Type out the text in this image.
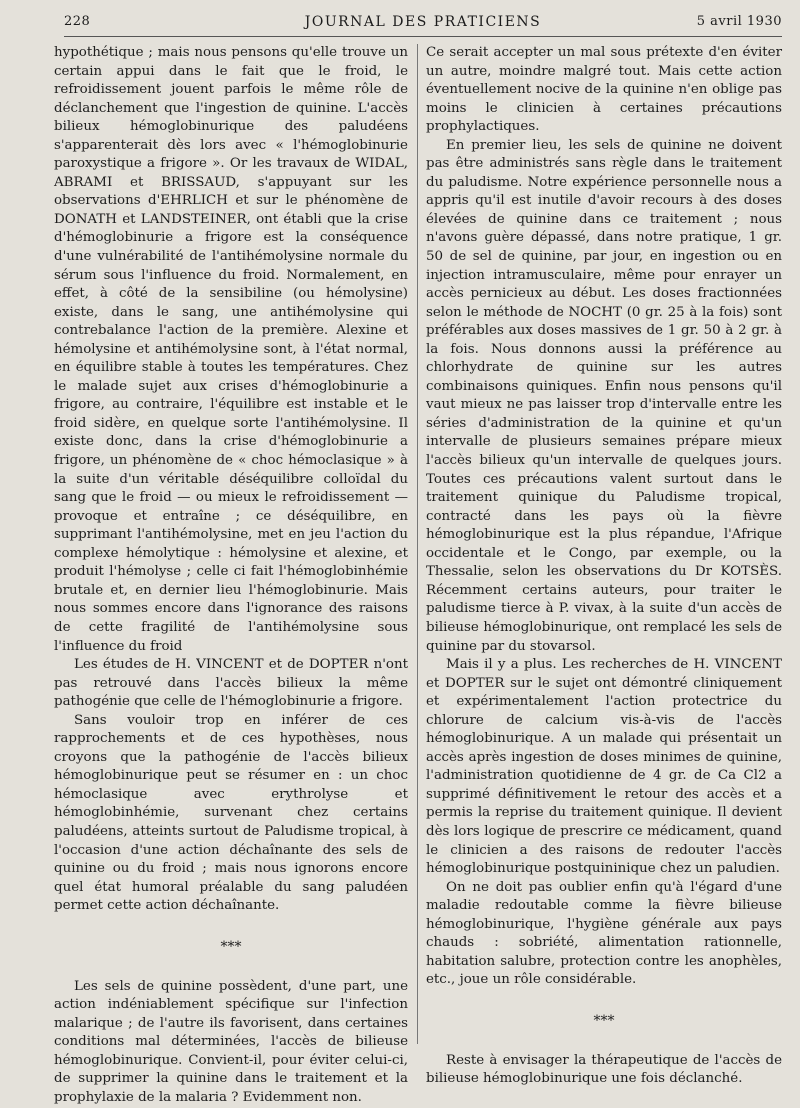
228	JOURNAL DES PRATICIENS	5 avril 1930

hypothétique ; mais nous pensons qu'elle trouve un certain appui dans le fait que le froid, le refroidissement jouent parfois le même rôle de déclanchement que l'ingestion de quinine. L'accès bilieux hémoglobinurique des paludéens s'apparenterait dès lors avec « l'hémoglobinurie paroxystique a frigore ». Or les travaux de WIDAL, ABRAMI et BRISSAUD, s'appuyant sur les observations d'EHRLICH et sur le phénomène de DONATH et LANDSTEINER, ont établi que la crise d'hémoglobinurie a frigore est la conséquence d'une vulnérabilité de l'antihémolysine normale du sérum sous l'influence du froid. Normalement, en effet, à côté de la sensibiline (ou hémolysine) existe, dans le sang, une antihémolysine qui contrebalance l'action de la première. Alexine et hémolysine et antihémolysine sont, à l'état normal, en équilibre stable à toutes les températures. Chez le malade sujet aux crises d'hémoglobinurie a frigore, au contraire, l'équilibre est instable et le froid sidère, en quelque sorte l'antihémolysine. Il existe donc, dans la crise d'hémoglobinurie a frigore, un phénomène de « choc hémoclasique » à la suite d'un véritable déséquilibre colloïdal du sang que le froid — ou mieux le refroidissement — provoque et entraîne ; ce déséquilibre, en supprimant l'antihémolysine, met en jeu l'action du complexe hémolytique : hémolysine et alexine, et produit l'hémolyse ; celle ci fait l'hémoglobinhémie brutale et, en dernier lieu l'hémoglobinurie. Mais nous sommes encore dans l'ignorance des raisons de cette fragilité de l'antihémolysine sous l'influence du froid

Les études de H. VINCENT et de DOPTER n'ont pas retrouvé dans l'accès bilieux la même pathogénie que celle de l'hémoglobinurie a frigore.

Sans vouloir trop en inférer de ces rapprochements et de ces hypothèses, nous croyons que la pathogénie de l'accès bilieux hémoglobinurique peut se résumer en : un choc hémoclasique avec erythrolyse et hémoglobinhémie, survenant chez certains paludéens, atteints surtout de Paludisme tropical, à l'occasion d'une action déchaînante des sels de quinine ou du froid ; mais nous ignorons encore quel état humoral préalable du sang paludéen permet cette action déchaînante.

***

Les sels de quinine possèdent, d'une part, une action indéniablement spécifique sur l'infection malarique ; de l'autre ils favorisent, dans certaines conditions mal déterminées, l'accès de bilieuse hémoglobinurique. Convient-il, pour éviter celui-ci, de supprimer la quinine dans le traitement et la prophylaxie de la malaria ? Evidemment non.

Ce serait accepter un mal sous prétexte d'en éviter un autre, moindre malgré tout. Mais cette action éventuellement nocive de la quinine n'en oblige pas moins le clinicien à certaines précautions prophylactiques.

En premier lieu, les sels de quinine ne doivent pas être administrés sans règle dans le traitement du paludisme. Notre expérience personnelle nous a appris qu'il est inutile d'avoir recours à des doses élevées de quinine dans ce traitement ; nous n'avons guère dépassé, dans notre pratique, 1 gr. 50 de sel de quinine, par jour, en ingestion ou en injection intramusculaire, même pour enrayer un accès pernicieux au début. Les doses fractionnées selon le méthode de NOCHT (0 gr. 25 à la fois) sont préférables aux doses massives de 1 gr. 50 à 2 gr. à la fois. Nous donnons aussi la préférence au chlorhydrate de quinine sur les autres combinaisons quiniques. Enfin nous pensons qu'il vaut mieux ne pas laisser trop d'intervalle entre les séries d'administration de la quinine et qu'un intervalle de plusieurs semaines prépare mieux l'accès bilieux qu'un intervalle de quelques jours. Toutes ces précautions valent surtout dans le traitement quinique du Paludisme tropical, contracté dans les pays où la fièvre hémoglobinurique est la plus répandue, l'Afrique occidentale et le Congo, par exemple, ou la Thessalie, selon les observations du Dr KOTSÈS. Récemment certains auteurs, pour traiter le paludisme tierce à P. vivax, à la suite d'un accès de bilieuse hémoglobinurique, ont remplacé les sels de quinine par du stovarsol.

Mais il y a plus. Les recherches de H. VINCENT et DOPTER sur le sujet ont démontré cliniquement et expérimentalement l'action protectrice du chlorure de calcium vis-à-vis de l'accès hémoglobinurique. A un malade qui présentait un accès après ingestion de doses minimes de quinine, l'administration quotidienne de 4 gr. de Ca Cl2 a supprimé définitivement le retour des accès et a permis la reprise du traitement quinique. Il devient dès lors logique de prescrire ce médicament, quand le clinicien a des raisons de redouter l'accès hémoglobinurique postquininique chez un paludien.

On ne doit pas oublier enfin qu'à l'égard d'une maladie redoutable comme la fièvre bilieuse hémoglobinurique, l'hygiène générale aux pays chauds : sobriété, alimentation rationnelle, habitation salubre, protection contre les anophèles, etc., joue un rôle considérable.

***

Reste à envisager la thérapeutique de l'accès de bilieuse hémoglobinurique une fois déclanché.
